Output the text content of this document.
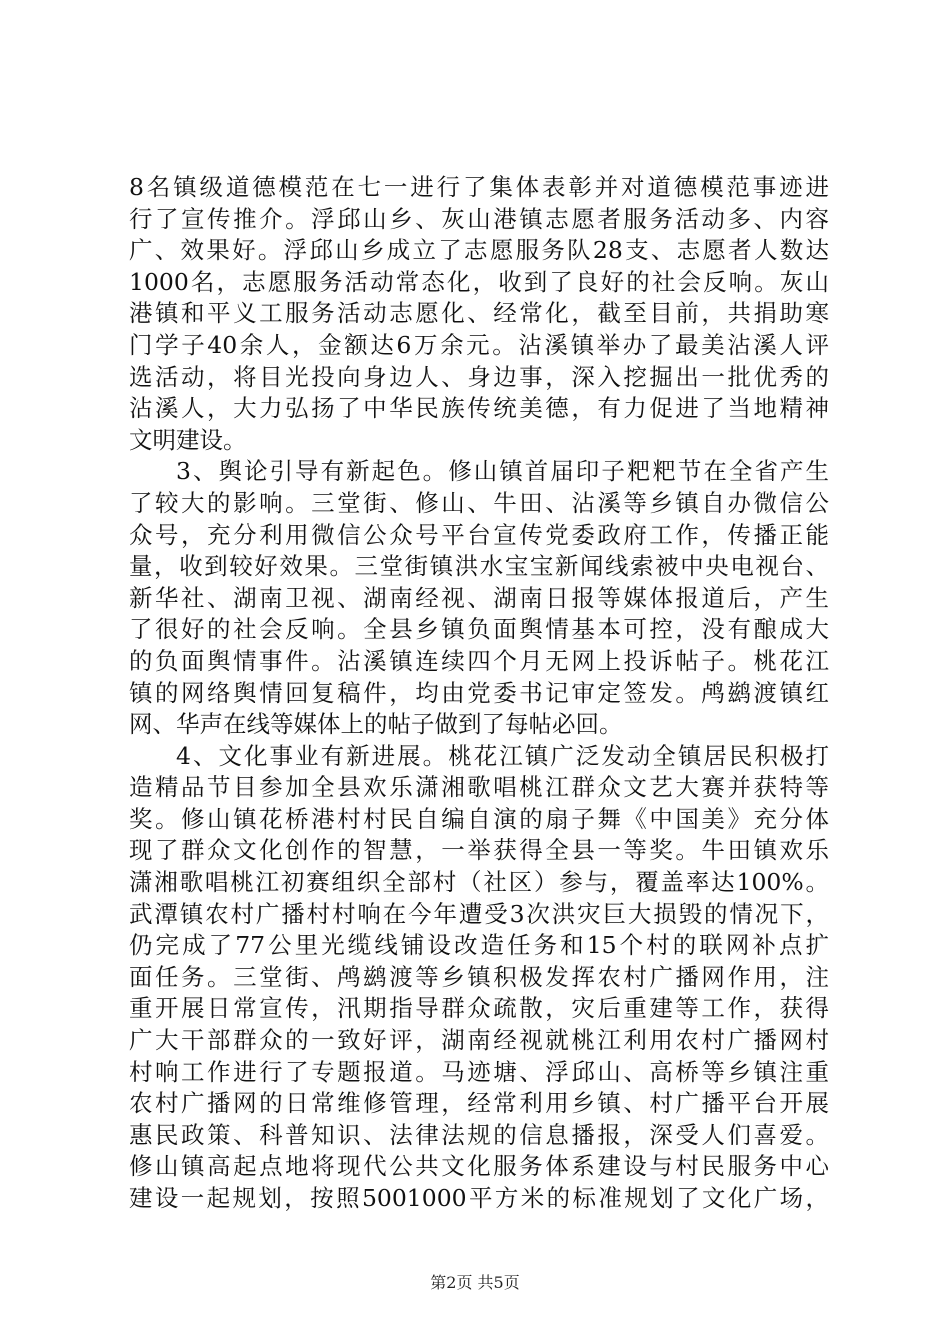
8名镇级道德模范在七一进行了集体表彰并对道德模范事迹进
行了宣传推介。浮邱山乡、灰山港镇志愿者服务活动多、内容
广、效果好。浮邱山乡成立了志愿服务队28支、志愿者人数达
1000名，志愿服务活动常态化，收到了良好的社会反响。灰山
港镇和平义工服务活动志愿化、经常化，截至目前，共捐助寒
门学子40余人，金额达6万余元。沾溪镇举办了最美沾溪人评
选活动，将目光投向身边人、身边事，深入挖掘出一批优秀的
沾溪人，大力弘扬了中华民族传统美德，有力促进了当地精神
文明建设。
3、舆论引导有新起色。修山镇首届印子粑粑节在全省产生
了较大的影响。三堂街、修山、牛田、沾溪等乡镇自办微信公
众号，充分利用微信公众号平台宣传党委政府工作，传播正能
量，收到较好效果。三堂街镇洪水宝宝新闻线索被中央电视台、
新华社、湖南卫视、湖南经视、湖南日报等媒体报道后，产生
了很好的社会反响。全县乡镇负面舆情基本可控，没有酿成大
的负面舆情事件。沾溪镇连续四个月无网上投诉帖子。桃花江
镇的网络舆情回复稿件，均由党委书记审定签发。鸬鹚渡镇红
网、华声在线等媒体上的帖子做到了每帖必回。
4、文化事业有新进展。桃花江镇广泛发动全镇居民积极打
造精品节目参加全县欢乐潇湘歌唱桃江群众文艺大赛并获特等
奖。修山镇花桥港村村民自编自演的扇子舞《中国美》充分体
现了群众文化创作的智慧，一举获得全县一等奖。牛田镇欢乐
潇湘歌唱桃江初赛组织全部村（社区）参与，覆盖率达100%。
武潭镇农村广播村村响在今年遭受3次洪灾巨大损毁的情况下，
仍完成了77公里光缆线铺设改造任务和15个村的联网补点扩
面任务。三堂街、鸬鹚渡等乡镇积极发挥农村广播网作用，注
重开展日常宣传，汛期指导群众疏散，灾后重建等工作，获得
广大干部群众的一致好评，湖南经视就桃江利用农村广播网村
村响工作进行了专题报道。马迹塘、浮邱山、高桥等乡镇注重
农村广播网的日常维修管理，经常利用乡镇、村广播平台开展
惠民政策、科普知识、法律法规的信息播报，深受人们喜爱。
修山镇高起点地将现代公共文化服务体系建设与村民服务中心
建设一起规划，按照5001000平方米的标准规划了文化广场，
第2页 共5页
